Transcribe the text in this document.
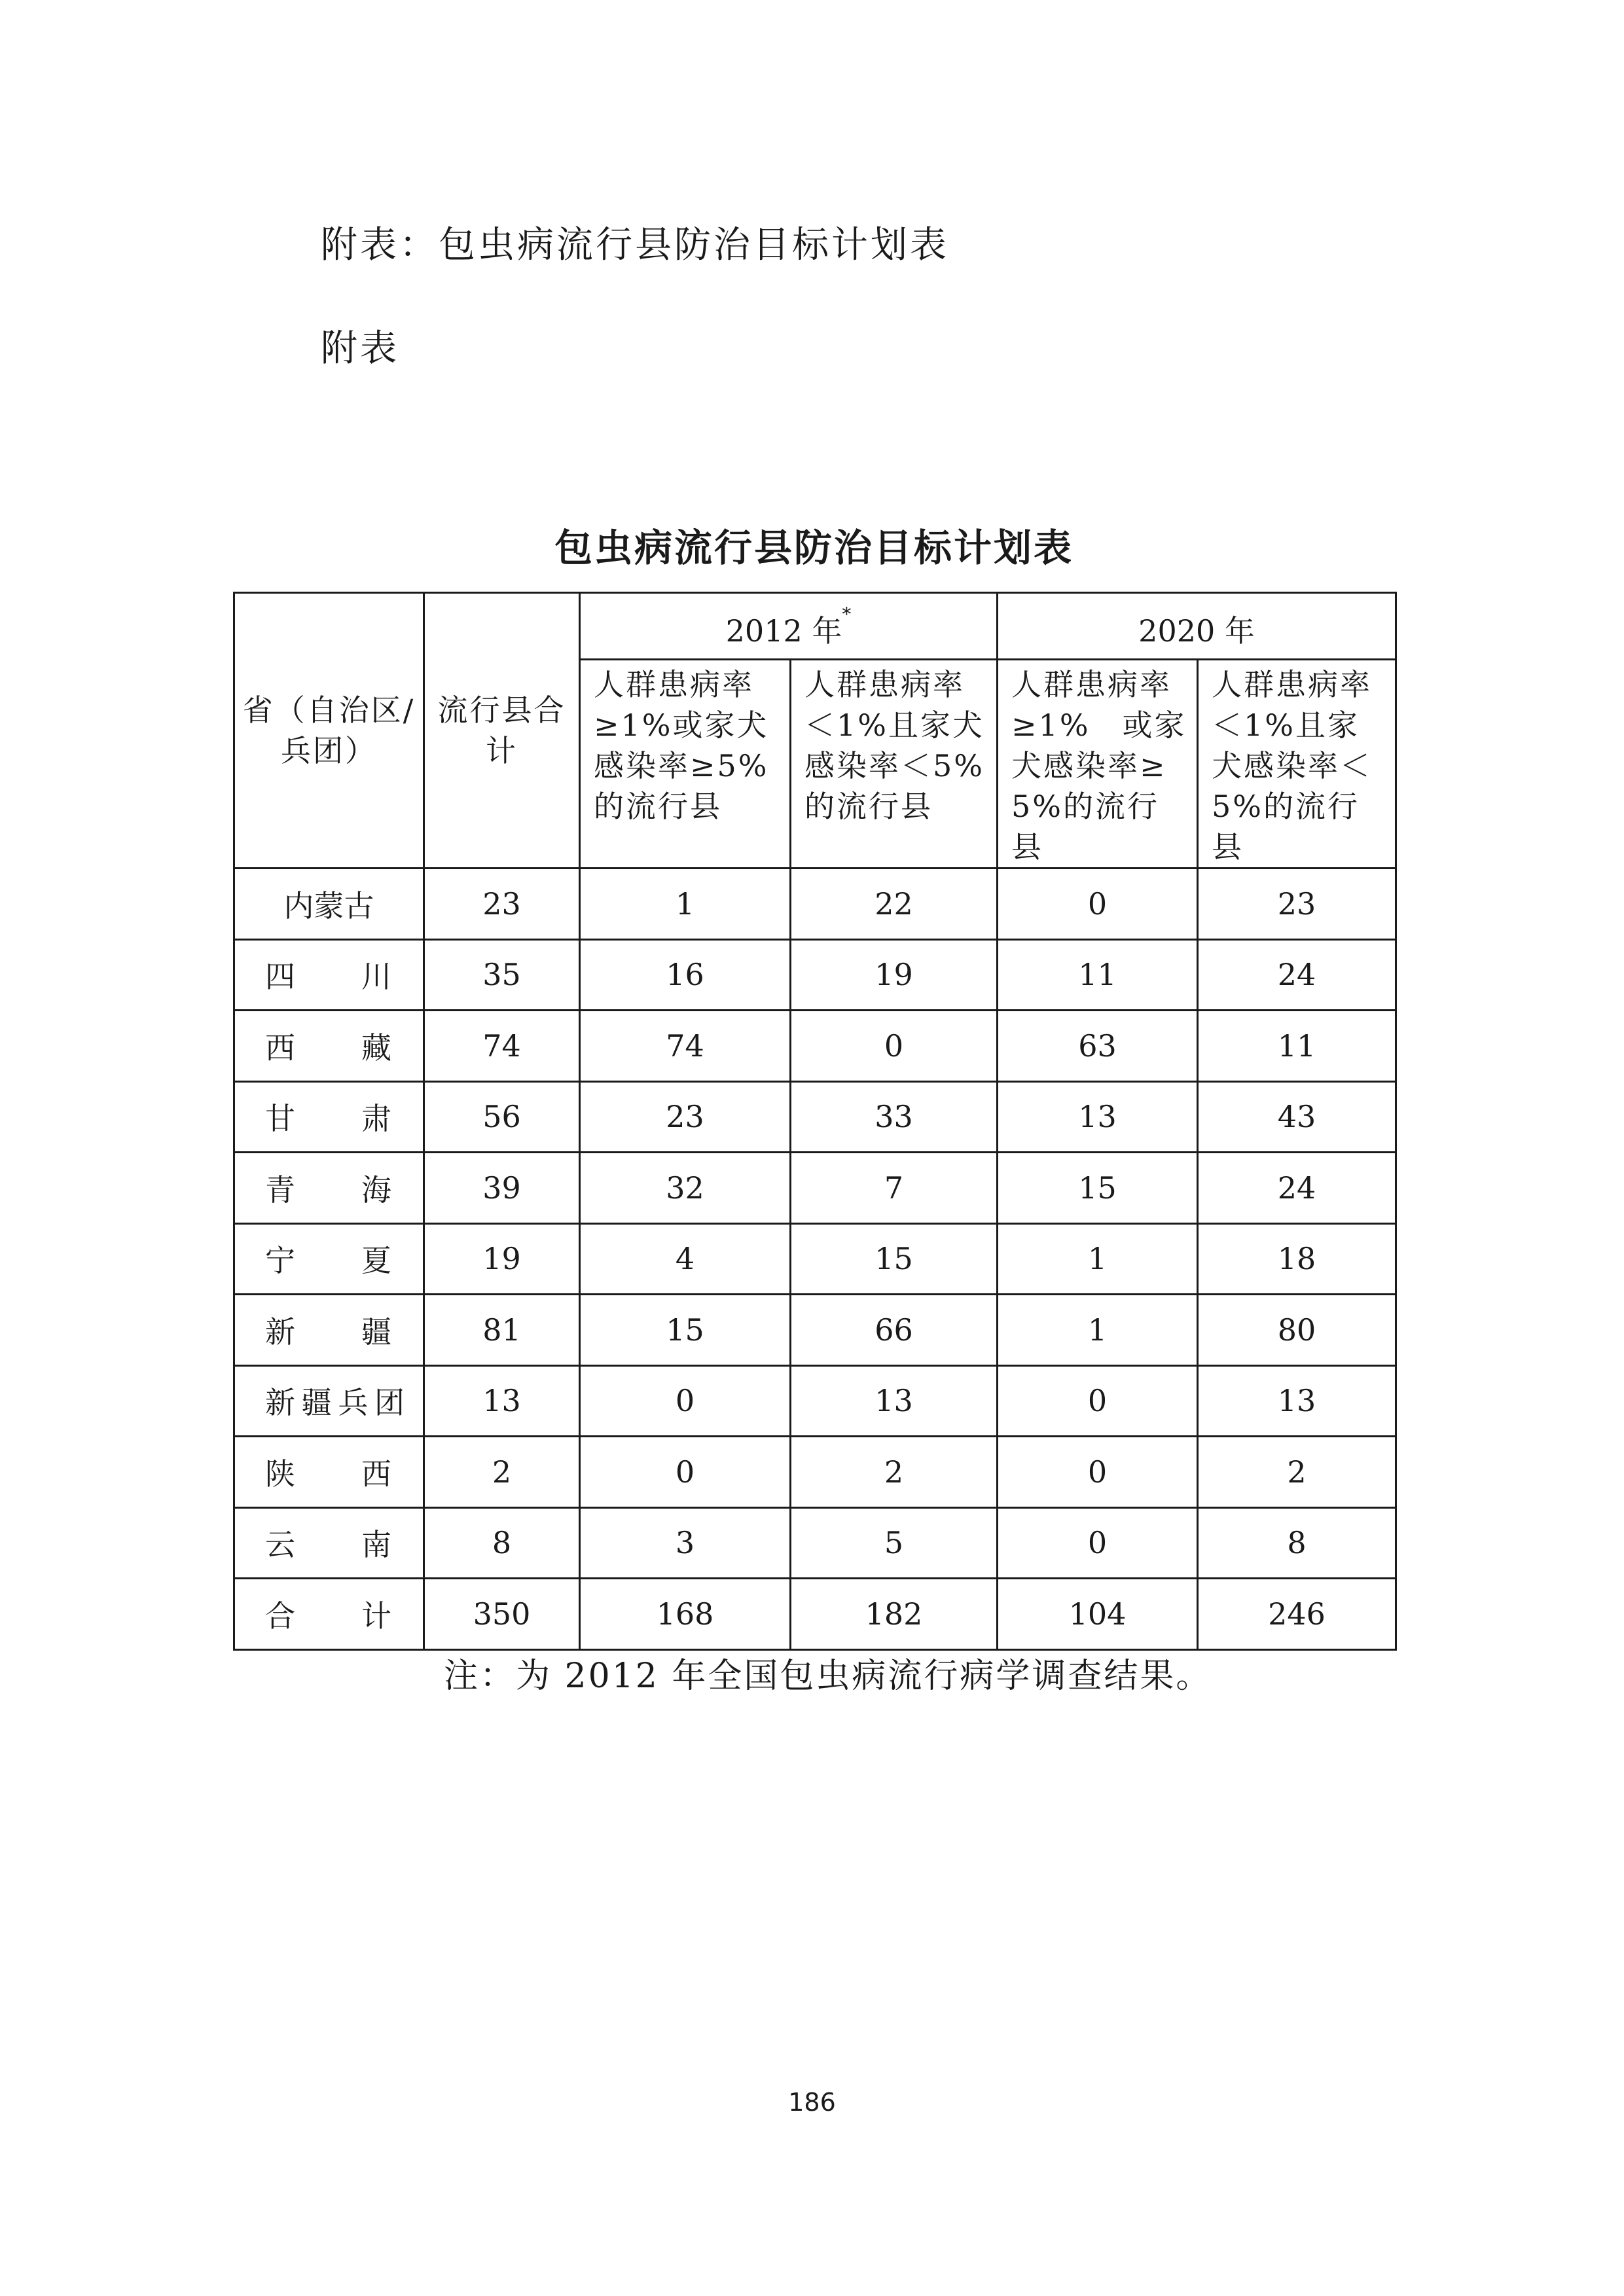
附表：包虫病流行县防治目标计划表
附表
包虫病流行县防治目标计划表
省（自治区/兵团）	流行县合计	2012 年*		2020 年	
		人群患病率≥1%或家犬感染率≥5%的流行县	人群患病率＜1%且家犬感染率＜5%的流行县	人群患病率≥1%　或家犬感染率≥5%的流行县	人群患病率＜1%且家犬感染率＜5%的流行县
内蒙古	23	1	22	0	23
四川	35	16	19	11	24
西藏	74	74	0	63	11
甘肃	56	23	33	13	43
青海	39	32	7	15	24
宁夏	19	4	15	1	18
新疆	81	15	66	1	80
新疆兵团	13	0	13	0	13
陕西	2	0	2	0	2
云南	8	3	5	0	8
合计	350	168	182	104	246
注：为 2012 年全国包虫病流行病学调查结果。
186
